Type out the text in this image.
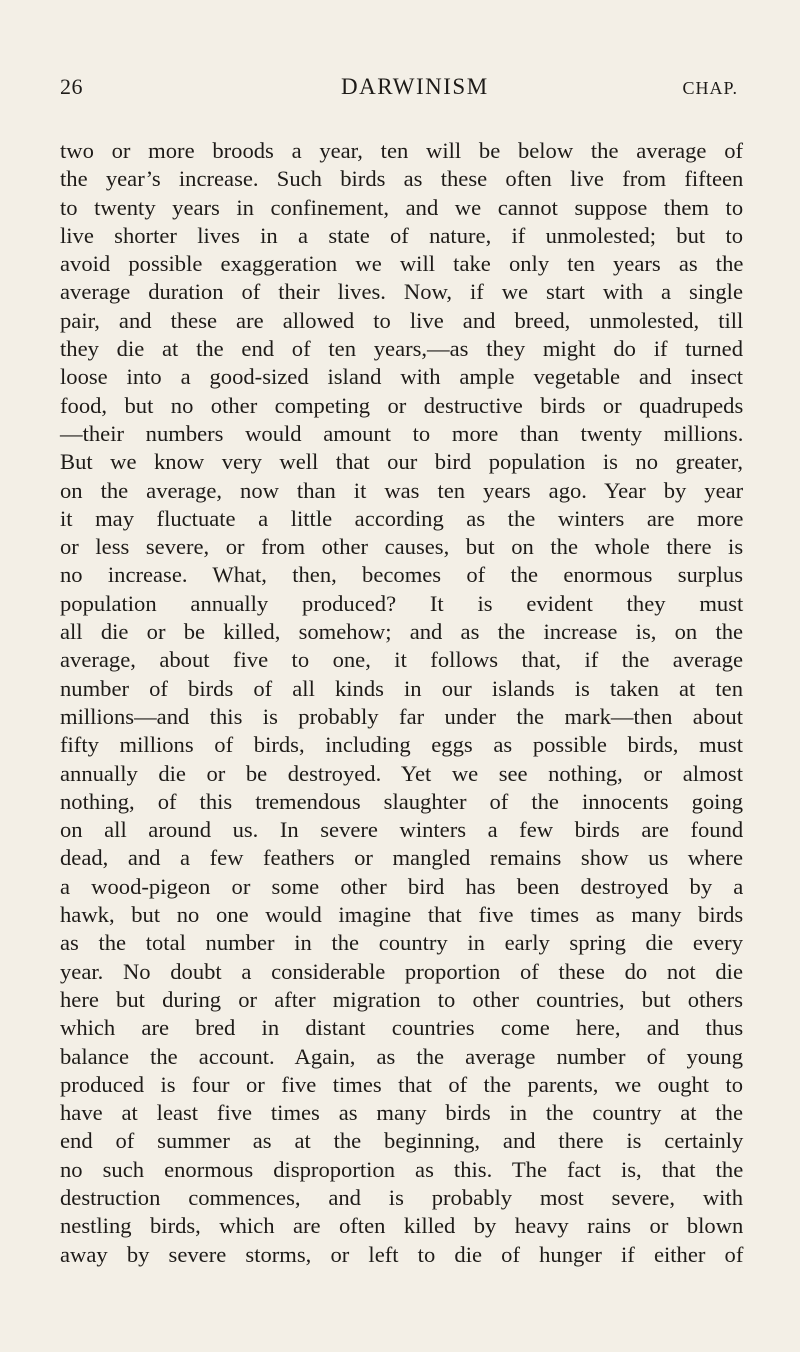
26	DARWINISM	CHAP.
two or more broods a year, ten will be below the average of
the year’s increase. Such birds as these often live from fifteen
to twenty years in confinement, and we cannot suppose them to
live shorter lives in a state of nature, if unmolested; but to
avoid possible exaggeration we will take only ten years as the
average duration of their lives. Now, if we start with a single
pair, and these are allowed to live and breed, unmolested, till
they die at the end of ten years,—as they might do if turned
loose into a good-sized island with ample vegetable and insect
food, but no other competing or destructive birds or quadrupeds
—their numbers would amount to more than twenty millions.
But we know very well that our bird population is no greater,
on the average, now than it was ten years ago. Year by year
it may fluctuate a little according as the winters are more
or less severe, or from other causes, but on the whole there is
no increase. What, then, becomes of the enormous surplus
population annually produced? It is evident they must
all die or be killed, somehow; and as the increase is, on the
average, about five to one, it follows that, if the average
number of birds of all kinds in our islands is taken at ten
millions—and this is probably far under the mark—then about
fifty millions of birds, including eggs as possible birds, must
annually die or be destroyed. Yet we see nothing, or almost
nothing, of this tremendous slaughter of the innocents going
on all around us. In severe winters a few birds are found
dead, and a few feathers or mangled remains show us where
a wood-pigeon or some other bird has been destroyed by a
hawk, but no one would imagine that five times as many birds
as the total number in the country in early spring die every
year. No doubt a considerable proportion of these do not die
here but during or after migration to other countries, but others
which are bred in distant countries come here, and thus
balance the account. Again, as the average number of young
produced is four or five times that of the parents, we ought to
have at least five times as many birds in the country at the
end of summer as at the beginning, and there is certainly
no such enormous disproportion as this. The fact is, that the
destruction commences, and is probably most severe, with
nestling birds, which are often killed by heavy rains or blown
away by severe storms, or left to die of hunger if either of
